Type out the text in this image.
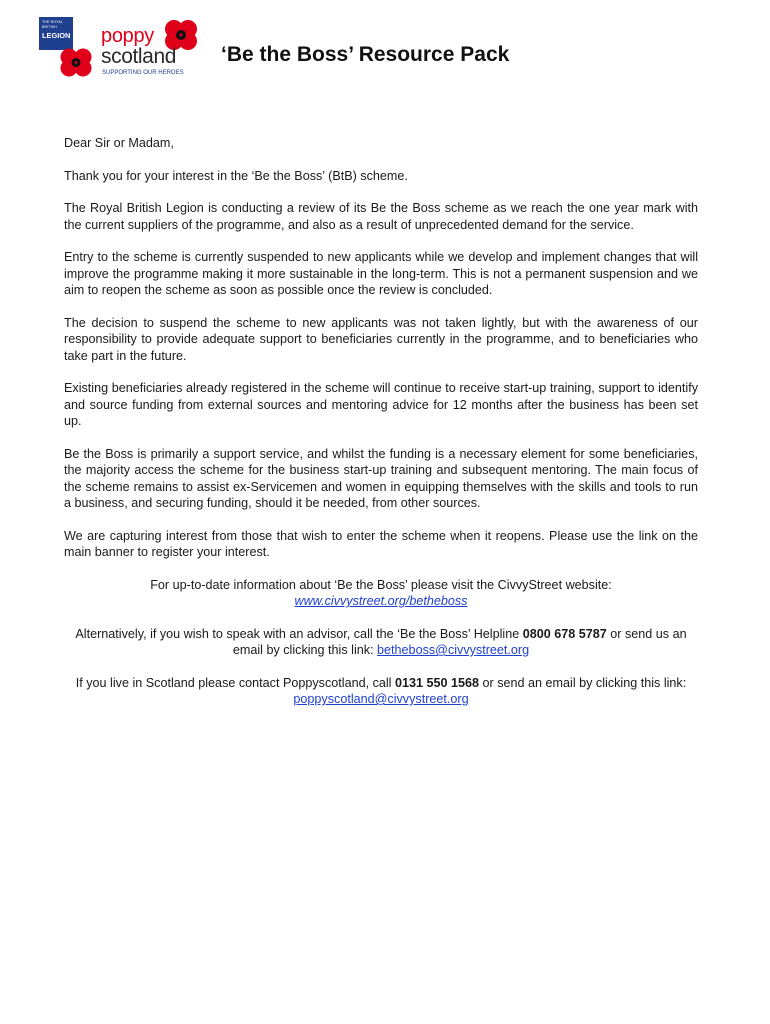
THE ROYAL BRITISH
LEGION poppy
scotland
SUPPORTING OUR HEROES
‘Be the Boss’ Resource Pack

Dear Sir or Madam,

Thank you for your interest in the ‘Be the Boss’ (BtB) scheme.

The Royal British Legion is conducting a review of its Be the Boss scheme as we reach the one year mark with the current suppliers of the programme, and also as a result of unprecedented demand for the service.

Entry to the scheme is currently suspended to new applicants while we develop and implement changes that will improve the programme making it more sustainable in the long-term. This is not a permanent suspension and we aim to reopen the scheme as soon as possible once the review is concluded.

The decision to suspend the scheme to new applicants was not taken lightly, but with the awareness of our responsibility to provide adequate support to beneficiaries currently in the programme, and to beneficiaries who take part in the future.

Existing beneficiaries already registered in the scheme will continue to receive start-up training, support to identify and source funding from external sources and mentoring advice for 12 months after the business has been set up.

Be the Boss is primarily a support service, and whilst the funding is a necessary element for some beneficiaries, the majority access the scheme for the business start-up training and subsequent mentoring. The main focus of the scheme remains to assist ex-Servicemen and women in equipping themselves with the skills and tools to run a business, and securing funding, should it be needed, from other sources.

We are capturing interest from those that wish to enter the scheme when it reopens. Please use the link on the main banner to register your interest.

For up-to-date information about ‘Be the Boss’ please visit the CivvyStreet website:
www.civvystreet.org/betheboss

Alternatively, if you wish to speak with an advisor, call the ‘Be the Boss’ Helpline 0800 678 5787 or send us an email by clicking this link: betheboss@civvystreet.org

If you live in Scotland please contact Poppyscotland, call 0131 550 1568 or send an email by clicking this link:
poppyscotland@civvystreet.org
